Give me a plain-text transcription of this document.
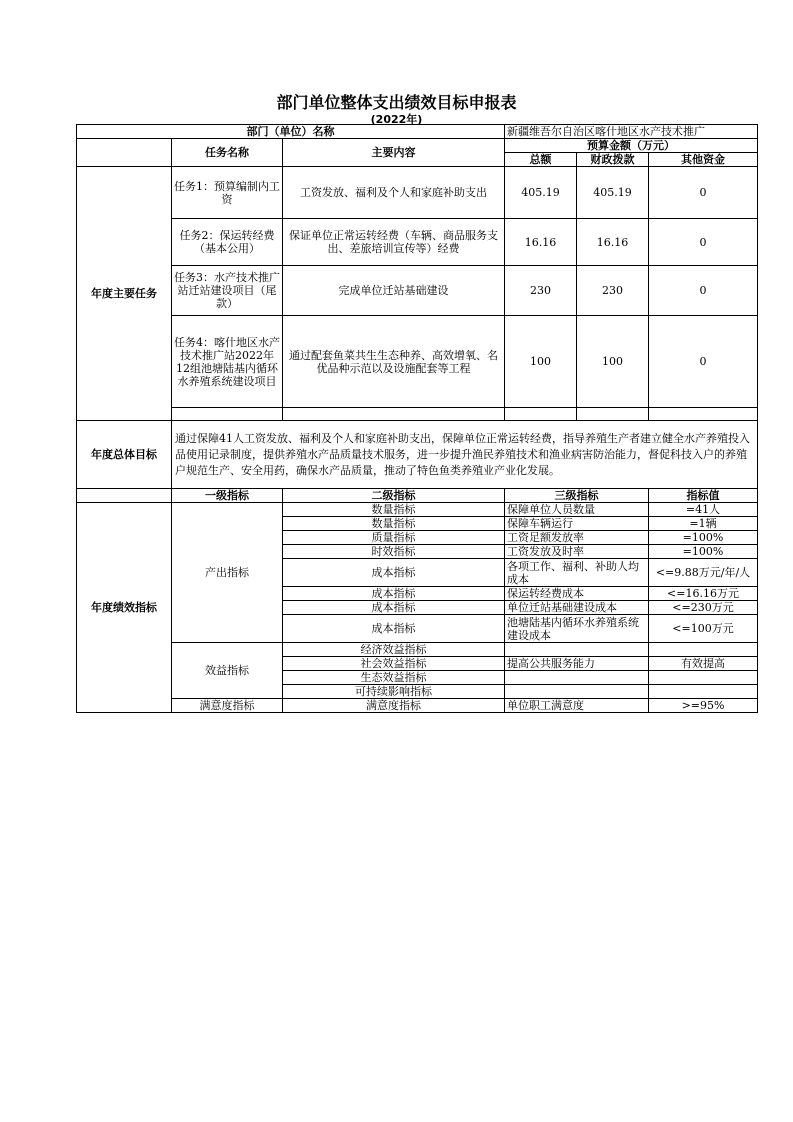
部门单位整体支出绩效目标申报表
(2022年)
部门（单位）名称			新疆维吾尔自治区喀什地区水产技术推广		
	任务名称	主要内容	预算金额（万元）		
			总额	财政拨款	其他资金
年度主要任务	任务1：预算编制内工资	工资发放、福利及个人和家庭补助支出	405.19	405.19	0
	任务2：保运转经费（基本公用）	保证单位正常运转经费（车辆、商品服务支出、差旅培训宣传等）经费	16.16	16.16	0
	任务3：水产技术推广站迁站建设项目（尾款）	完成单位迁站基础建设	230	230	0
	任务4：喀什地区水产技术推广站2022年12组池塘陆基内循环水养殖系统建设项目	通过配套鱼菜共生生态种养、高效增氧、名优品种示范以及设施配套等工程	100	100	0

年度总体目标	通过保障41人工资发放、福利及个人和家庭补助支出，保障单位正常运转经费，指导养殖生产者建立健全水产养殖投入品使用记录制度，提供养殖水产品质量技术服务，进一步提升渔民养殖技术和渔业病害防治能力，督促科技入户的养殖户规范生产、安全用药，确保水产品质量，推动了特色鱼类养殖业产业化发展。				
	一级指标	二级指标	三级指标		指标值
年度绩效指标	产出指标	数量指标	保障单位人员数量		=41人
		数量指标	保障车辆运行		=1辆
		质量指标	工资足额发放率		=100%
		时效指标	工资发放及时率		=100%
		成本指标	各项工作、福利、补助人均成本		<=9.88万元/年/人
		成本指标	保运转经费成本		<=16.16万元
		成本指标	单位迁站基础建设成本		<=230万元
		成本指标	池塘陆基内循环水养殖系统建设成本		<=100万元
	效益指标	经济效益指标			
		社会效益指标	提高公共服务能力		有效提高
		生态效益指标			
		可持续影响指标			
	满意度指标	满意度指标	单位职工满意度		>=95%
